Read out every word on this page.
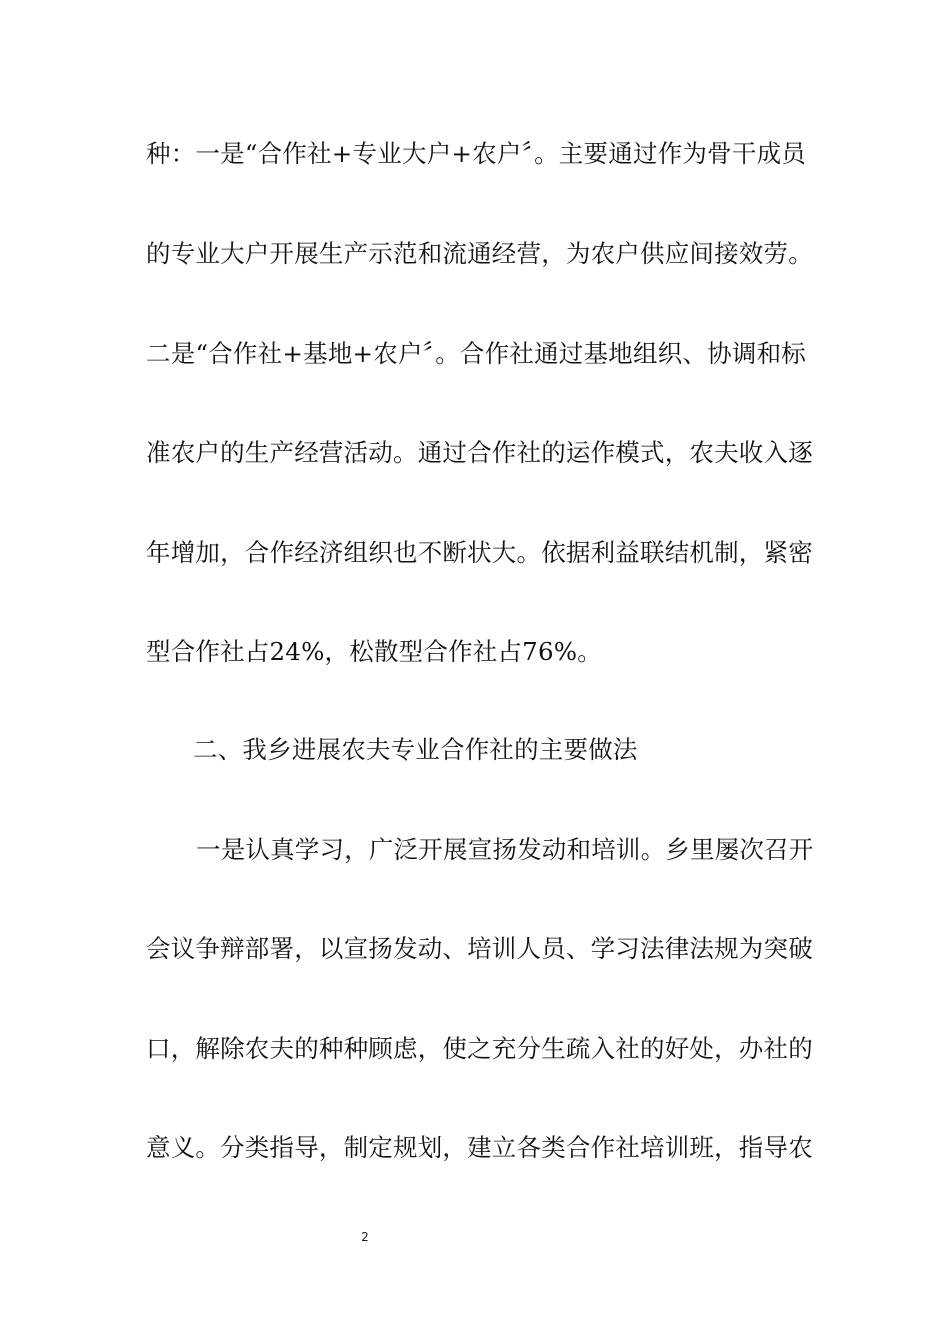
种：一是“合作社+专业大户+农户〞。主要通过作为骨干成员
的专业大户开展生产示范和流通经营，为农户供应间接效劳。
二是“合作社+基地+农户〞。合作社通过基地组织、协调和标
准农户的生产经营活动。通过合作社的运作模式，农夫收入逐
年增加，合作经济组织也不断状大。依据利益联结机制，紧密
型合作社占24%，松散型合作社占76%。
二、我乡进展农夫专业合作社的主要做法
一是认真学习，广泛开展宣扬发动和培训。乡里屡次召开
会议争辩部署，以宣扬发动、培训人员、学习法律法规为突破
口，解除农夫的种种顾虑，使之充分生疏入社的好处，办社的
意义。分类指导，制定规划，建立各类合作社培训班，指导农
2
